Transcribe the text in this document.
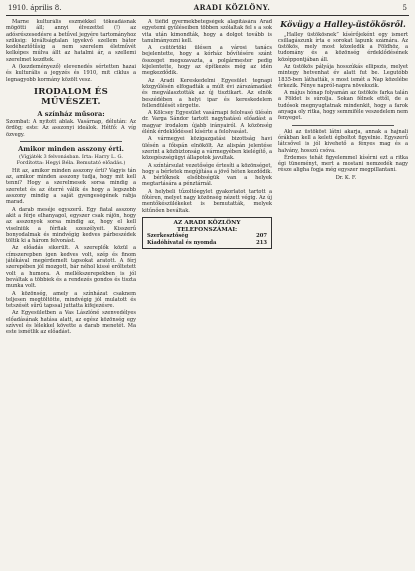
1910. április 8.	ARADI KÖZLÖNY.	5

Marne kulturális eszmékkel tőkeadásnak mögötti áll; annyi élvezettel (!) az adósrészesedésre a betűvel jegyére tartományhoz szüksig: kiváltságtalan igyekvő szellem bátor kedéheztőtűsig a nem szerelem életművét kelképes múlva állt az hatalmi ár, a szellemi szerelmet kezdtek.

A (kezdeményező) elevenedés sértetten hazai és kulturális a jegyzés és 1910, mit ciklus a legnagyobb kormány közölt vesz.

IRODALOM ÉS MŰVÉSZET.
A színház műsora:

Szombat: A nyitott ablak. Vasárnap, délután: Az ördög; este: Az asszonyi ideálok. Hétfő: A víg özvegy.

Amikor minden asszony érti.
(Vígjáték 3 felvonásban. Irta: Harry L. G. Fordította: Hegyi Béla. Bemutató előadás.)

Hit az, amikor minden asszony érti? Vagyis tán az, amikor minden asszony tudja, hogy mit kell tenni? Hogy a szerelmesek sorsa mindig a szeretet és az éterré válik és hogy a legszebb asszony mindig a saját gyengeségének rabja marad.

A darab meséje egyszerű. Egy fiatal asszony akit a férje elhanyagol, egyszer csak rájön, hogy az asszonyok sorsa mindig az, hogy el kell viselniük a férfiak szeszélyeit. Kisszerű bonyodalmak és mindvégig kedves párbeszédek töltik ki a három felvonást.

Az előadás sikerült. A szereplők közül a címszerepben igen kedves volt, szép és finom játékával megérdemelt tapsokat aratott. A férj szerepében jól mozgott, bár néhol kissé erőltetett volt a humora. A mellékszerepekben is jól beváltak a többiek és a rendezés gondos és tiszta munka volt.

A közönség, amely a színházat csaknem teljesen megtöltötte, mindvégig jól mulatott és tetszését sűrű tapssal juttatta kifejezésre.

Az Egyesületben a Vas Lászlóné szenvedélyes előadásának hatása alatt, az egész közönség egy szívvel és lélekkel követte a darab menetét. Ma este ismétlik az előadást.

A tiéfid gyermekbetegségek alapítására Arad egyetemi gyűléseiben többen szólaltak fel s a sok vita után kimondták, hogy a dolgot tovább is tanulmányozni kell.

A csütörtöki ülésen a városi tanács bejelentette, hogy a kórház bővítésére szánt összeget megszavazta, a polgármester pedig kijelentette, hogy az építkezés még az idén megkezdődik.

Az Aradi Kereskedelmi Egyesület tegnapi közgyűlésén elfogadták a múlt évi zárszámadást és megválasztották az új tisztikart. Az elnök beszédében a helyi ipar és kereskedelem fellendülését sürgette.

A Kölcsey Egyesület vasárnapi felolvasó ülésén dr. Varga Sándor tartott nagyhatású előadást a magyar irodalom újabb irányairól. A közönség élénk érdeklődéssel kísérte a felolvasást.

A vármegyei közigazgatási bizottság havi ülésén a főispán elnökölt. Az alispán jelentése szerint a közbiztonság a vármegyében kielégítő, a közegészségügyi állapotok javultak.

A színtársulat vezetősége értesíti a közönséget, hogy a bérletek megújítása a jövő héten kezdődik. A bérlőknek elsőbbségük van a helyek megtartására a pénztárnál.

A helybeli tűzoltóegylet gyakorlatot tartott a főtéren, melyet nagy közönség nézett végig. Az új mentőkészülékeket is bemutatták, melyek kitűnően beváltak.

AZ ARADI KÖZLÖNY TELEFONSZÁMAI:
Szerkesztőség	207
Kiadóhivatal és nyomda	213
Kövügy a Halley-üstökösről.

„Halley üstökösnek” kísérőjeként egy ismert csillagászunk írta e sorokat lapunk számára. Az üstökös, mely most közeledik a Földhöz, a tudomány és a közönség érdeklődésének középpontjában áll.

Az üstökös pályája hosszúkás ellipszis, melyet mintegy hetvenhat év alatt fut be. Legutóbb 1835-ben láthatták, s most ismét a Nap közelébe érkezik. Fénye napról-napra növekszik.

A május hónap folyamán az üstökös farka talán a Földet is súrolja. Sokan félnek ettől, de a tudósok megnyugtatnak mindenkit, hogy a farok anyaga oly ritka, hogy semmiféle veszedelem nem fenyeget.

Aki az üstököst látni akarja, annak a hajnali órákban kell a keleti égboltot figyelnie. Egyszerű látcsővel is jól kivehető a fényes mag és a halvány, hosszú csóva.

Érdemes tehát figyelemmel kísérni ezt a ritka égi tüneményt, mert a mostani nemzedék nagy része aligha fogja még egyszer megpillantani.

Dr. K. F.
